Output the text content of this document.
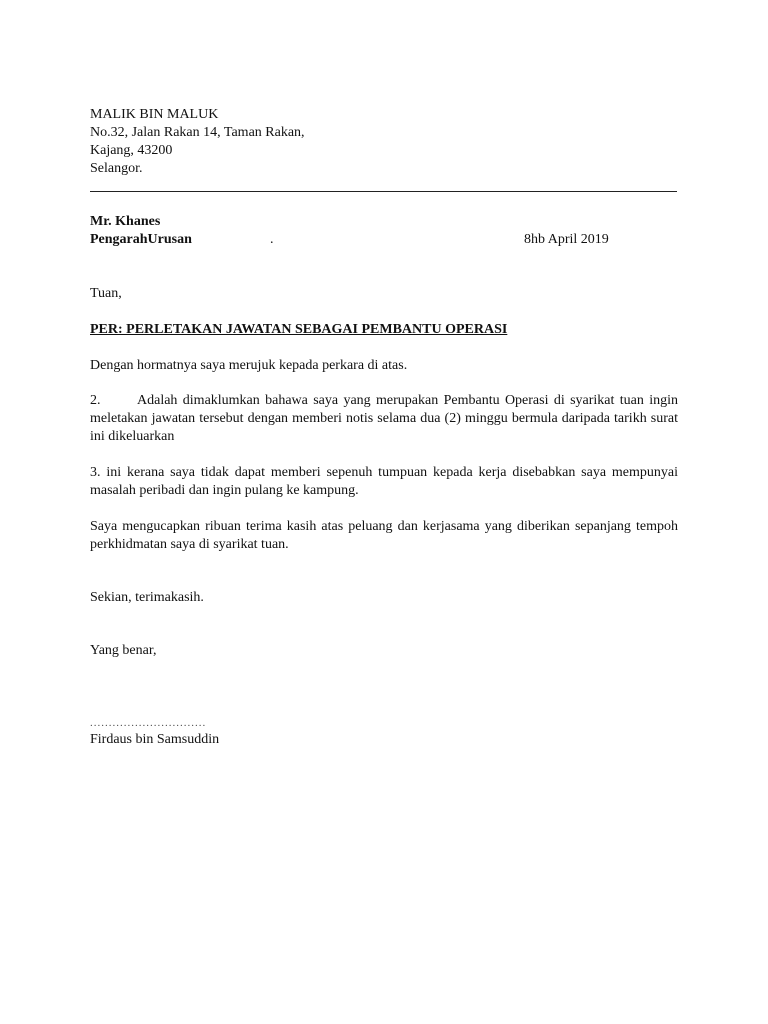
MALIK BIN MALUK
No.32, Jalan Rakan 14, Taman Rakan,
Kajang, 43200
Selangor.
Mr. Khanes
PengarahUrusan	.	8hb April 2019
Tuan,
PER: PERLETAKAN JAWATAN SEBAGAI PEMBANTU OPERASI
Dengan hormatnya saya merujuk kepada perkara di atas.

2.	Adalah dimaklumkan bahawa saya yang merupakan Pembantu Operasi di syarikat tuan ingin meletakan jawatan tersebut dengan memberi notis selama dua (2) minggu bermula daripada tarikh surat ini dikeluarkan

3. ini kerana saya tidak dapat memberi sepenuh tumpuan kepada kerja disebabkan saya mempunyai masalah peribadi dan ingin pulang ke kampung.
Saya mengucapkan ribuan terima kasih atas peluang dan kerjasama yang diberikan sepanjang tempoh perkhidmatan saya di syarikat tuan.
Sekian, terimakasih.
Yang benar,
...............................
Firdaus bin Samsuddin
